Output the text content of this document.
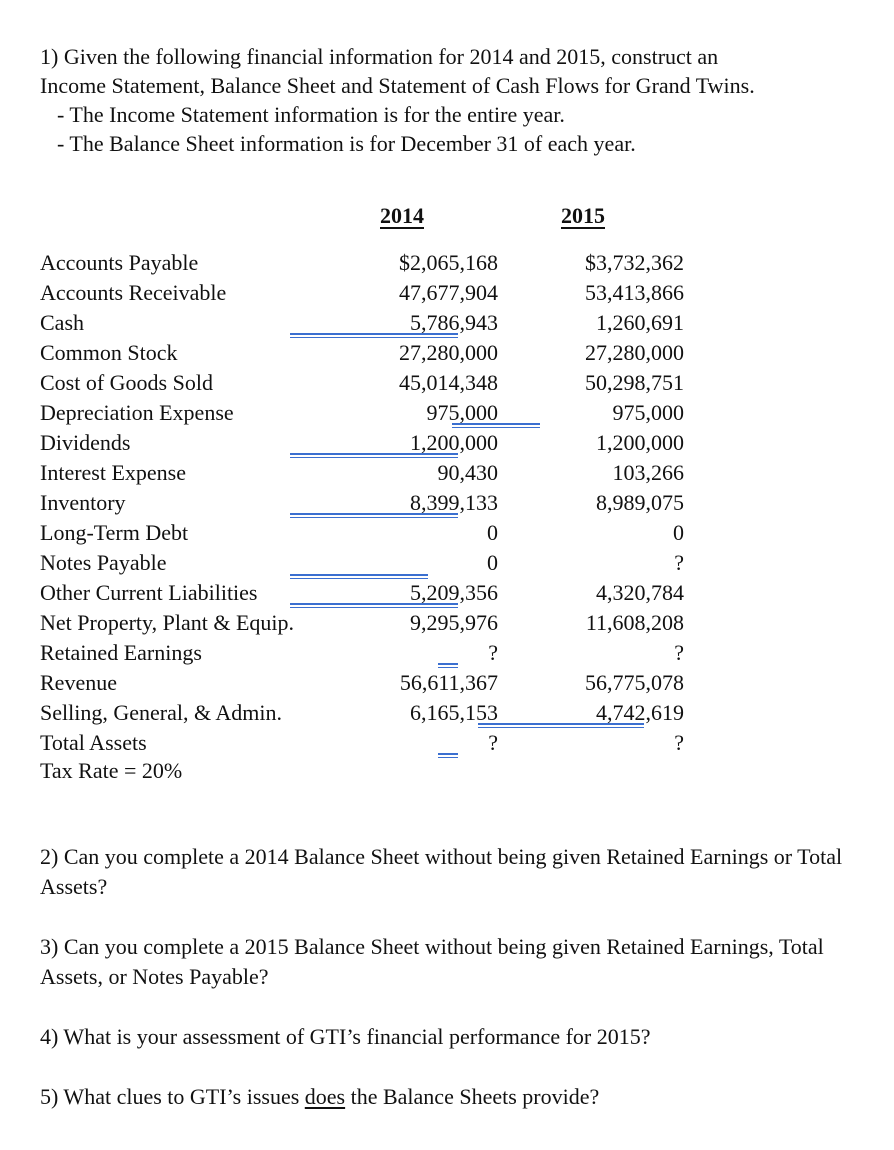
1) Given the following financial information for 2014 and 2015, construct an
Income Statement, Balance Sheet and Statement of Cash Flows for Grand Twins.
- The Income Statement information is for the entire year.
- The Balance Sheet information is for December 31 of each year.
2014	2015
Accounts Payable	$2,065,168	$3,732,362
Accounts Receivable	47,677,904	53,413,866
Cash	5,786,943	1,260,691
Common Stock	27,280,000	27,280,000
Cost of Goods Sold	45,014,348	50,298,751
Depreciation Expense	975,000	975,000
Dividends	1,200,000	1,200,000
Interest Expense	90,430	103,266
Inventory	8,399,133	8,989,075
Long-Term Debt	0	0
Notes Payable	0	?
Other Current Liabilities	5,209,356	4,320,784
Net Property, Plant & Equip.	9,295,976	11,608,208
Retained Earnings	?	?
Revenue	56,611,367	56,775,078
Selling, General, & Admin.	6,165,153	4,742,619
Total Assets	?	?
Tax Rate = 20%
2) Can you complete a 2014 Balance Sheet without being given Retained Earnings or Total Assets?
3) Can you complete a 2015 Balance Sheet without being given Retained Earnings, Total Assets, or Notes Payable?
4) What is your assessment of GTI’s financial performance for 2015?
5) What clues to GTI’s issues does the Balance Sheets provide?
